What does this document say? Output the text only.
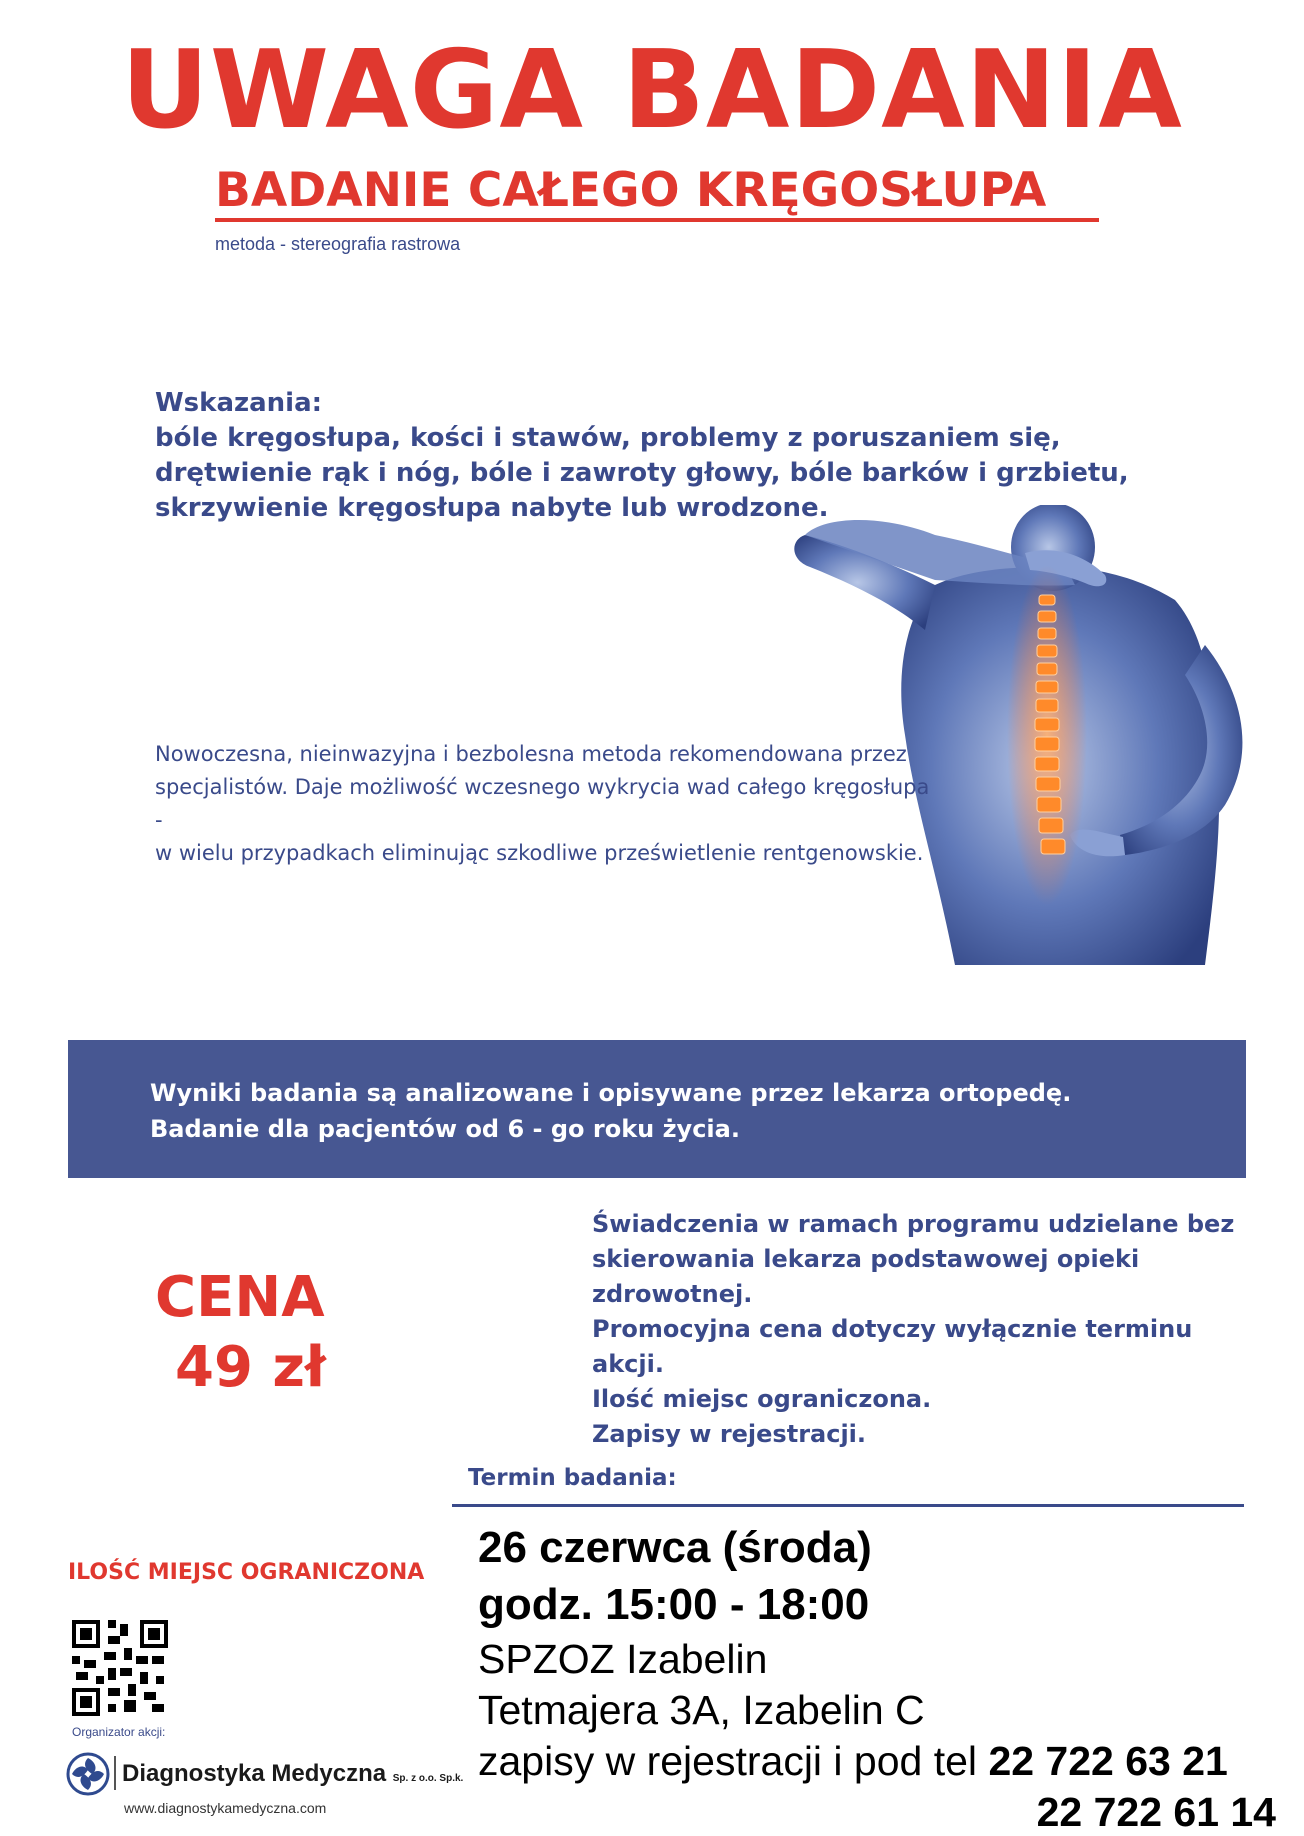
UWAGA BADANIA
BADANIE CAŁEGO KRĘGOSŁUPA
metoda - stereografia rastrowa
Wskazania:
bóle kręgosłupa, kości i stawów, problemy z poruszaniem się, drętwienie rąk i nóg, bóle i zawroty głowy, bóle barków i grzbietu, skrzywienie kręgosłupa nabyte lub wrodzone.
Nowoczesna, nieinwazyjna i bezbolesna metoda rekomendowana przez
specjalistów. Daje możliwość wczesnego wykrycia wad całego kręgosłupa -
w wielu przypadkach eliminując szkodliwe prześwietlenie rentgenowskie.
Wyniki badania są analizowane i opisywane przez lekarza ortopedę.
Badanie dla pacjentów od 6 - go roku życia.
CENA
49 zł
Świadczenia w ramach programu udzielane bez
skierowania lekarza podstawowej opieki zdrowotnej.
Promocyjna cena dotyczy wyłącznie terminu akcji.
Ilość miejsc ograniczona.
Zapisy w rejestracji.
Termin badania:
26 czerwca (środa)
godz. 15:00 - 18:00
SPZOZ Izabelin
Tetmajera 3A, Izabelin C
zapisy w rejestracji i pod tel 22 722 63 21
22 722 61 14
ILOŚĆ MIEJSC OGRANICZONA
Organizator akcji:
Diagnostyka Medyczna Sp. z o.o. Sp.k.
www.diagnostykamedyczna.com
